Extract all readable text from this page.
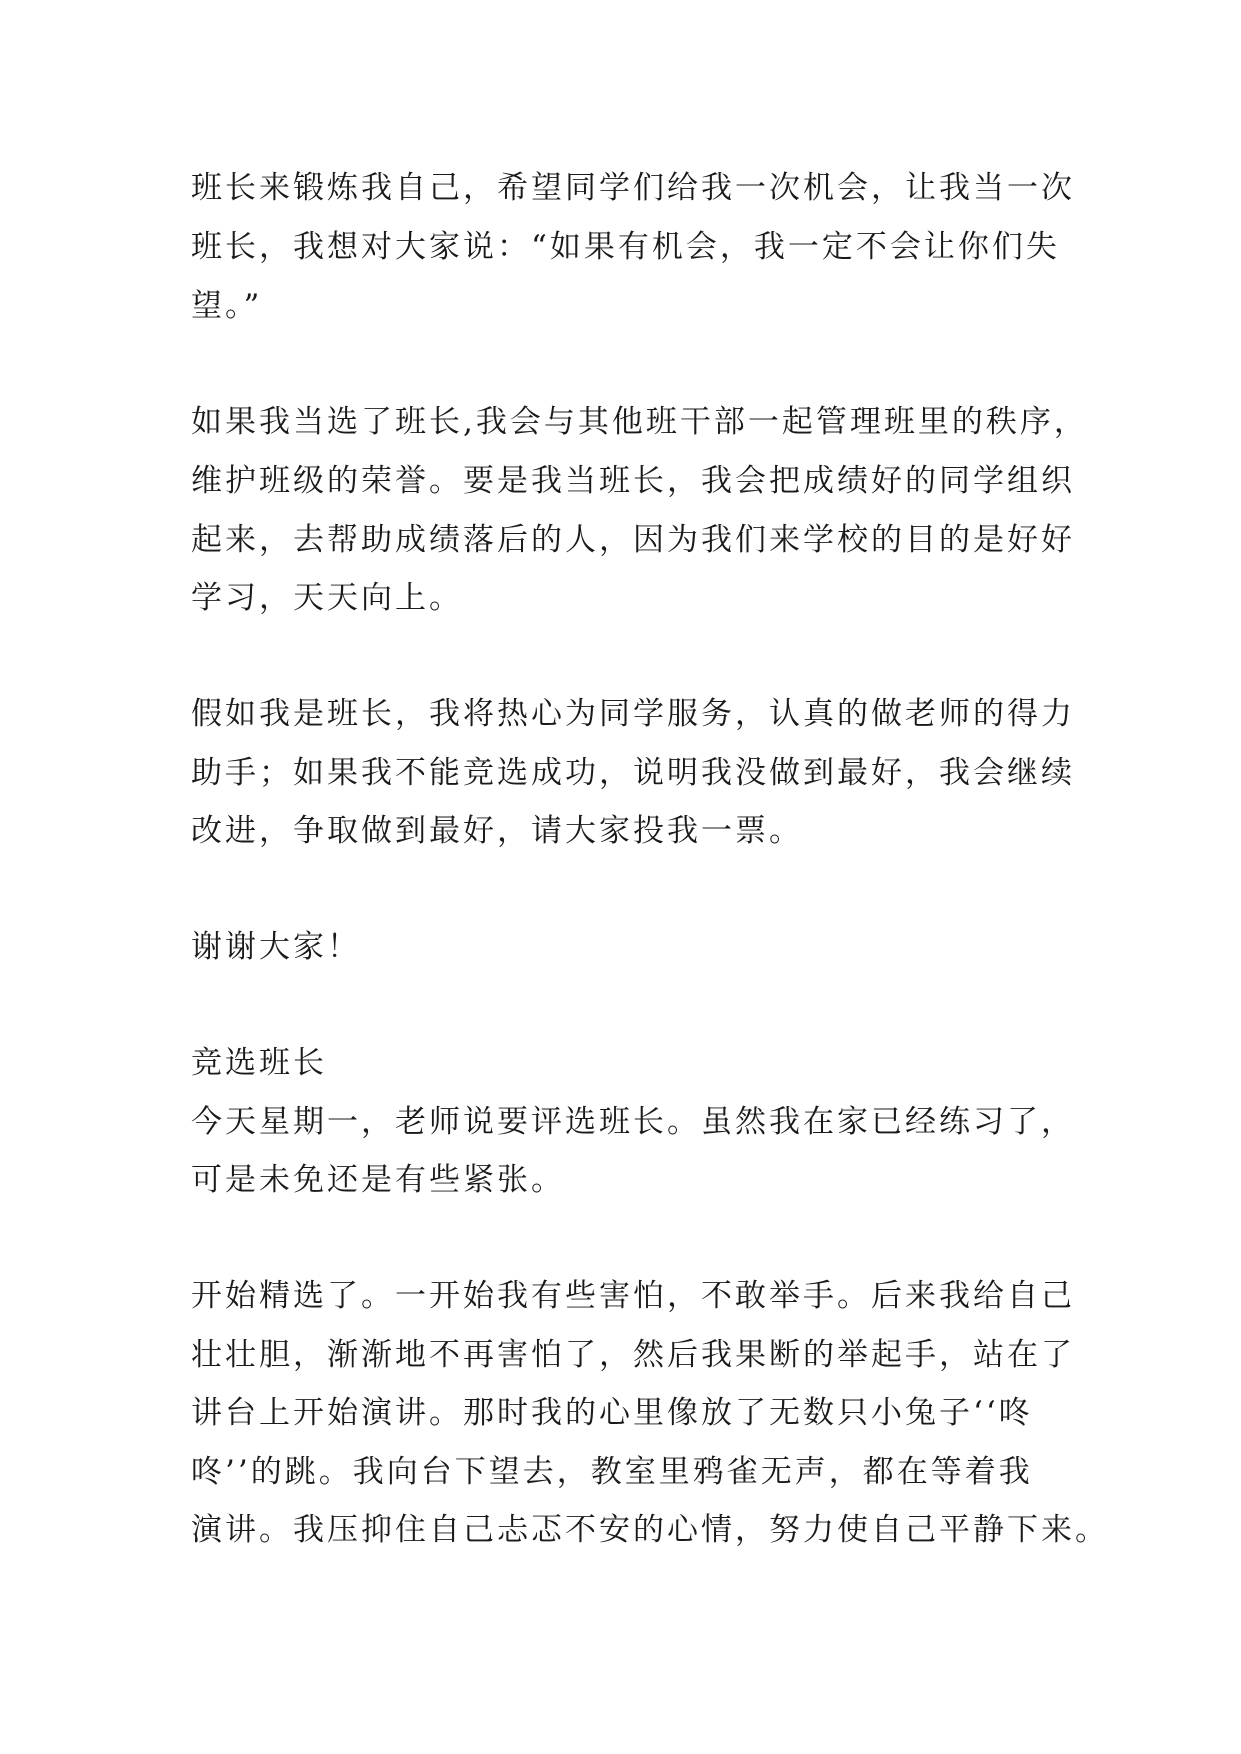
班长来锻炼我自己，希望同学们给我一次机会，让我当一次
班长，我想对大家说：“如果有机会，我一定不会让你们失
望。”
如果我当选了班长,我会与其他班干部一起管理班里的秩序，
维护班级的荣誉。要是我当班长，我会把成绩好的同学组织
起来，去帮助成绩落后的人，因为我们来学校的目的是好好
学习，天天向上。
假如我是班长，我将热心为同学服务，认真的做老师的得力
助手；如果我不能竞选成功，说明我没做到最好，我会继续
改进，争取做到最好，请大家投我一票。
谢谢大家！
竞选班长
今天星期一，老师说要评选班长。虽然我在家已经练习了，
可是未免还是有些紧张。
开始精选了。一开始我有些害怕，不敢举手。后来我给自己
壮壮胆，渐渐地不再害怕了，然后我果断的举起手，站在了
讲台上开始演讲。那时我的心里像放了无数只小兔子‘‘咚
咚’’的跳。我向台下望去，教室里鸦雀无声，都在等着我
演讲。我压抑住自己忐忑不安的心情，努力使自己平静下来。
